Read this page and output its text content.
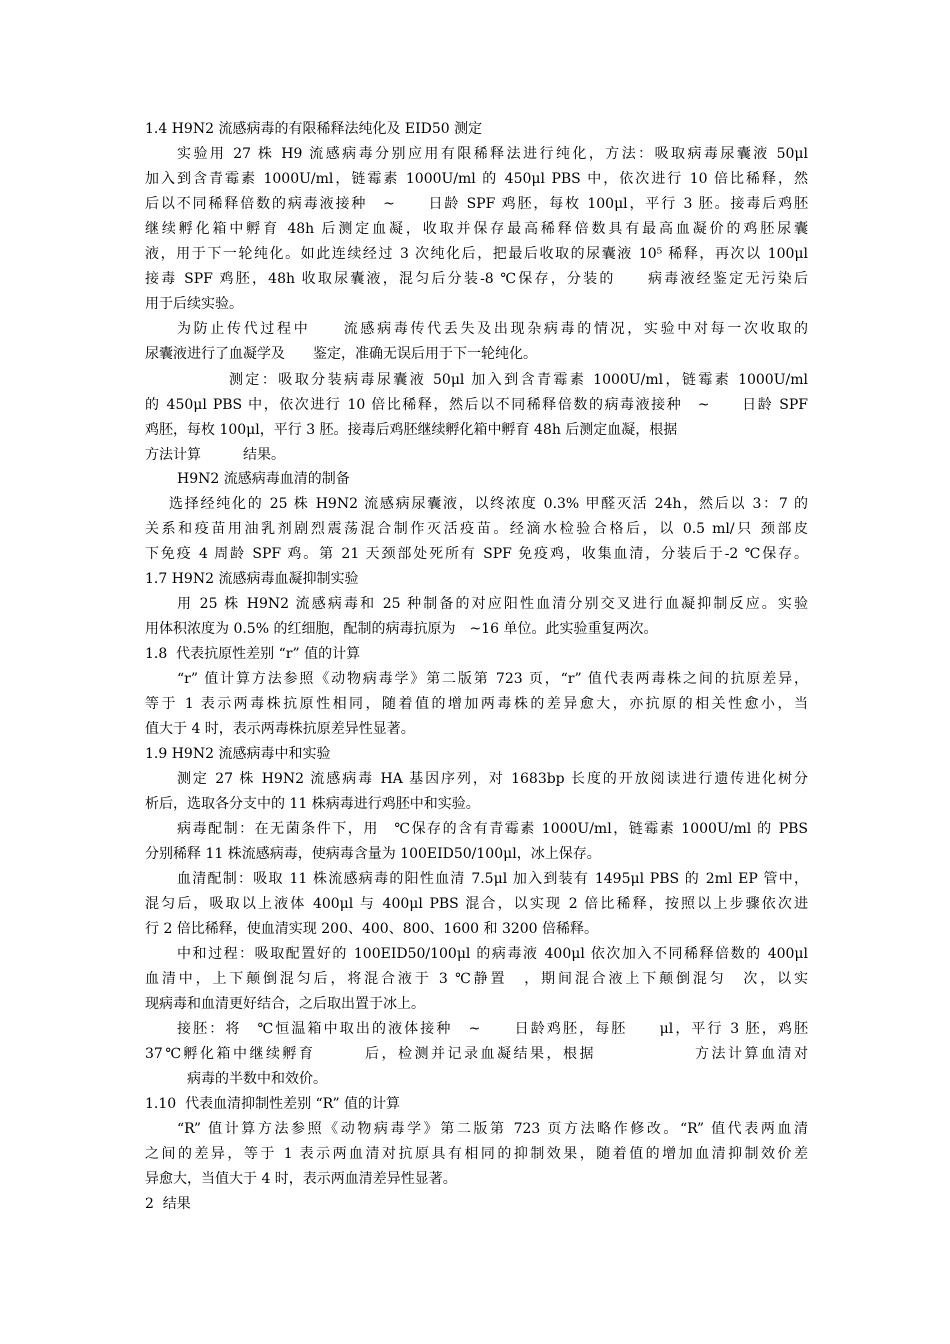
1.4 H9N2 流感病毒的有限稀释法纯化及 EID50 测定
实验用 27 株 H9 流感病毒分别应用有限稀释法进行纯化，方法：吸取病毒尿囊液 50μl
加入到含青霉素 1000U/ml，链霉素 1000U/ml 的 450μl PBS 中，依次进行 10 倍比稀释，然
后以不同稀释倍数的病毒液接种　~　　日龄 SPF 鸡胚，每枚 100μl，平行 3 胚。接毒后鸡胚
继续孵化箱中孵育 48h 后测定血凝，收取并保存最高稀释倍数具有最高血凝价的鸡胚尿囊
液，用于下一轮纯化。如此连续经过 3 次纯化后，把最后收取的尿囊液 10⁵ 稀释，再次以 100μl
接毒 SPF 鸡胚，48h 收取尿囊液，混匀后分装-8 ℃保存，分装的　　病毒液经鉴定无污染后
用于后续实验。
为防止传代过程中　　流感病毒传代丢失及出现杂病毒的情况，实验中对每一次收取的
尿囊液进行了血凝学及　　鉴定，准确无误后用于下一轮纯化。
测定：吸取分装病毒尿囊液 50μl 加入到含青霉素 1000U/ml，链霉素 1000U/ml
的 450μl PBS 中，依次进行 10 倍比稀释，然后以不同稀释倍数的病毒液接种　~　　日龄 SPF
鸡胚，每枚 100μl，平行 3 胚。接毒后鸡胚继续孵化箱中孵育 48h 后测定血凝，根据
方法计算　　　结果。
H9N2 流感病毒血清的制备
选择经纯化的 25 株 H9N2 流感病尿囊液，以终浓度 0.3% 甲醛灭活 24h，然后以 3：7 的
关系和疫苗用油乳剂剧烈震荡混合制作灭活疫苗。经滴水检验合格后，以 0.5 ml/只 颈部皮
下免疫 4 周龄 SPF 鸡。第 21 天颈部处死所有 SPF 免疫鸡，收集血清，分装后于-2 ℃保存。
1.7 H9N2 流感病毒血凝抑制实验
用 25 株 H9N2 流感病毒和 25 种制备的对应阳性血清分别交叉进行血凝抑制反应。实验
用体积浓度为 0.5% 的红细胞，配制的病毒抗原为　~16 单位。此实验重复两次。
1.8  代表抗原性差别 “r” 值的计算
“r” 值计算方法参照《动物病毒学》第二版第 723 页，“r” 值代表两毒株之间的抗原差异，
等于 1 表示两毒株抗原性相同，随着值的增加两毒株的差异愈大，亦抗原的相关性愈小，当
值大于 4 时，表示两毒株抗原差异性显著。
1.9 H9N2 流感病毒中和实验
测定 27 株 H9N2 流感病毒 HA 基因序列，对 1683bp 长度的开放阅读进行遗传进化树分
析后，选取各分支中的 11 株病毒进行鸡胚中和实验。
病毒配制：在无菌条件下，用　℃保存的含有青霉素 1000U/ml，链霉素 1000U/ml 的 PBS
分别稀释 11 株流感病毒，使病毒含量为 100EID50/100μl，冰上保存。
血清配制：吸取 11 株流感病毒的阳性血清 7.5μl 加入到装有 1495μl PBS 的 2ml EP 管中，
混匀后，吸取以上液体 400μl 与 400μl PBS 混合，以实现 2 倍比稀释，按照以上步骤依次进
行 2 倍比稀释，使血清实现 200、400、800、1600 和 3200 倍稀释。
中和过程：吸取配置好的 100EID50/100μl 的病毒液 400μl 依次加入不同稀释倍数的 400μl
血清中，上下颠倒混匀后，将混合液于 3 ℃静置　，期间混合液上下颠倒混匀　次，以实
现病毒和血清更好结合，之后取出置于冰上。
接胚：将　℃恒温箱中取出的液体接种　~　　日龄鸡胚，每胚　　μl，平行 3 胚，鸡胚
37℃孵化箱中继续孵育　　　后，检测并记录血凝结果，根据　　　　　　方法计算血清对
病毒的半数中和效价。
1.10  代表血清抑制性差别 “R” 值的计算
“R” 值计算方法参照《动物病毒学》第二版第 723 页方法略作修改。“R” 值代表两血清
之间的差异，等于 1 表示两血清对抗原具有相同的抑制效果，随着值的增加血清抑制效价差
异愈大，当值大于 4 时，表示两血清差异性显著。
2  结果
